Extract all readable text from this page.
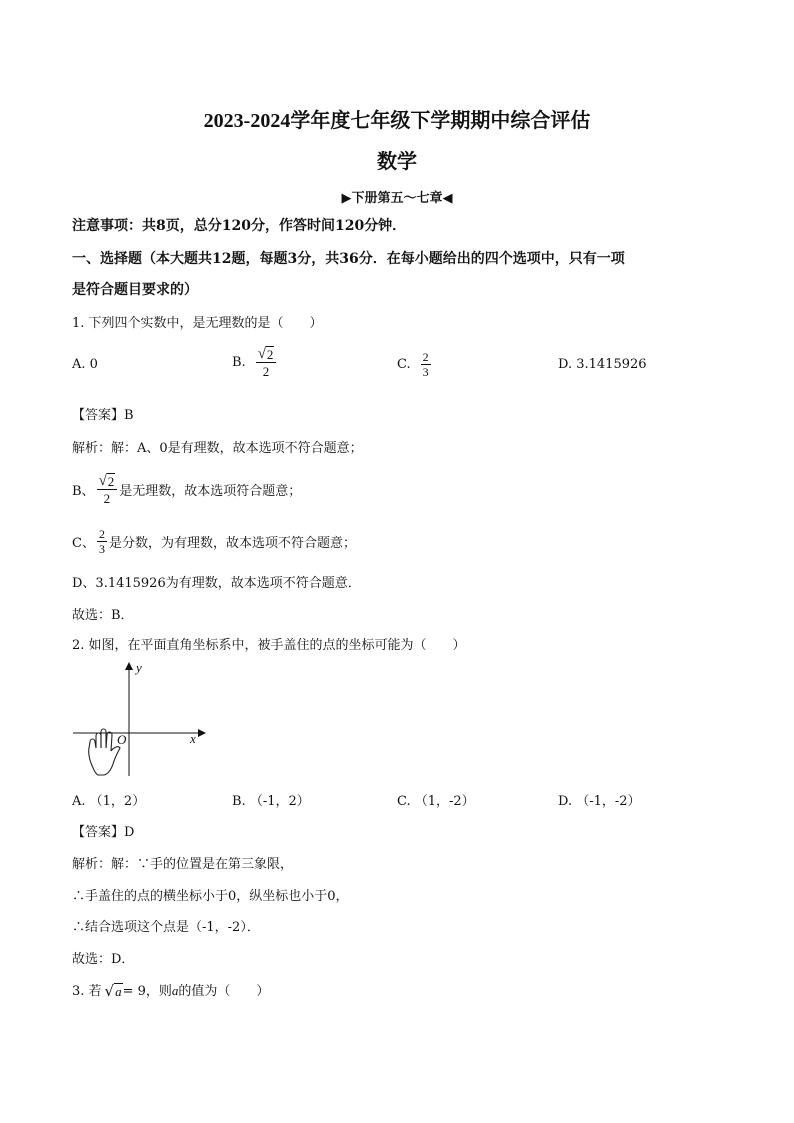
2023-2024学年度七年级下学期期中综合评估
数学
▶下册第五～七章◀
注意事项：共8页，总分120分，作答时间120分钟．
一、选择题（本大题共12题，每题3分，共36分．在每小题给出的四个选项中，只有一项
是符合题目要求的）
1. 下列四个实数中，是无理数的是（　　）
A. 0	B. $\frac{√ 2}{2}$	C. $\frac{2}{3}$	D. 3.1415926
【答案】B
解析：解：A、0是有理数，故本选项不符合题意；
B、 $\frac{√ 2}{2}$ 是无理数，故本选项符合题意；
C、 $\frac{2}{3}$ 是分数，为有理数，故本选项不符合题意；
D、3.1415926为有理数，故本选项不符合题意．
故选：B．
2. 如图，在平面直角坐标系中，被手盖住的点的坐标可能为（　　）
y
x
O
A. （1，2）	B. （-1，2）	C. （1，-2）	D. （-1，-2）
【答案】D
解析：解：∵手的位置是在第三象限，
∴手盖住的点的横坐标小于0，纵坐标也小于0，
∴结合选项这个点是（-1，-2）．
故选：D．
3. 若 √ a = 9，则 a 的值为（　　）
